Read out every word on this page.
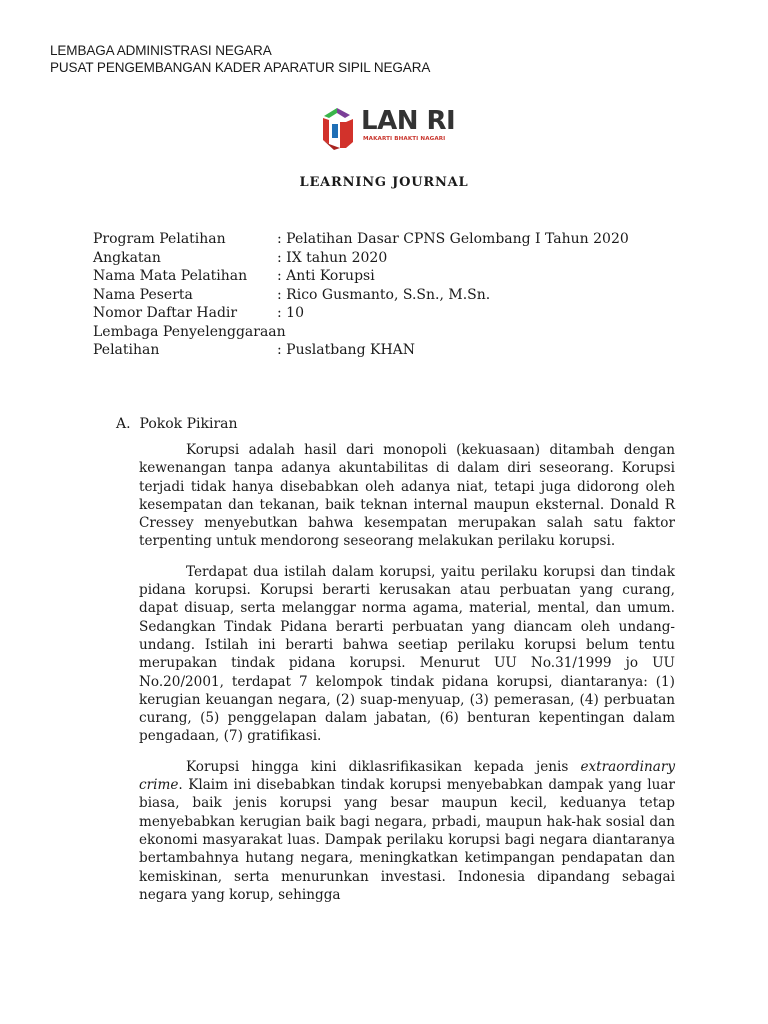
LEMBAGA ADMINISTRASI NEGARA
PUSAT PENGEMBANGAN KADER APARATUR SIPIL NEGARA
LAN RI
MAKARTI BHAKTI NAGARI
LEARNING JOURNAL
Program Pelatihan	: Pelatihan Dasar CPNS Gelombang I Tahun 2020
Angkatan	: IX tahun 2020
Nama Mata Pelatihan	: Anti Korupsi
Nama Peserta	: Rico Gusmanto, S.Sn., M.Sn.
Nomor Daftar Hadir	: 10
Lembaga Penyelenggaraan
Pelatihan	: Puslatbang KHAN
A.  Pokok Pikiran

Korupsi adalah hasil dari monopoli (kekuasaan) ditambah dengan kewenangan tanpa adanya akuntabilitas di dalam diri seseorang. Korupsi terjadi tidak hanya disebabkan oleh adanya niat, tetapi juga didorong oleh kesempatan dan tekanan, baik teknan internal maupun eksternal. Donald R Cressey menyebutkan bahwa kesempatan merupakan salah satu faktor terpenting untuk mendorong seseorang melakukan perilaku korupsi.

Terdapat dua istilah dalam korupsi, yaitu perilaku korupsi dan tindak pidana korupsi. Korupsi berarti kerusakan atau perbuatan yang curang, dapat disuap, serta melanggar norma agama, material, mental, dan umum. Sedangkan Tindak Pidana berarti perbuatan yang diancam oleh undang-undang. Istilah ini berarti bahwa seetiap perilaku korupsi belum tentu merupakan tindak pidana korupsi. Menurut UU No.31/1999 jo UU No.20/2001, terdapat 7 kelompok tindak pidana korupsi, diantaranya: (1) kerugian keuangan negara, (2) suap-menyuap, (3) pemerasan, (4) perbuatan curang, (5) penggelapan dalam jabatan, (6) benturan kepentingan dalam pengadaan, (7) gratifikasi.

Korupsi hingga kini diklasrifikasikan kepada jenis extraordinary crime. Klaim ini disebabkan tindak korupsi menyebabkan dampak yang luar biasa, baik jenis korupsi yang besar maupun kecil, keduanya tetap menyebabkan kerugian baik bagi negara, prbadi, maupun hak-hak sosial dan ekonomi masyarakat luas. Dampak perilaku korupsi bagi negara diantaranya bertambahnya hutang negara, meningkatkan ketimpangan pendapatan dan kemiskinan, serta menurunkan investasi. Indonesia dipandang sebagai negara yang korup, sehingga
